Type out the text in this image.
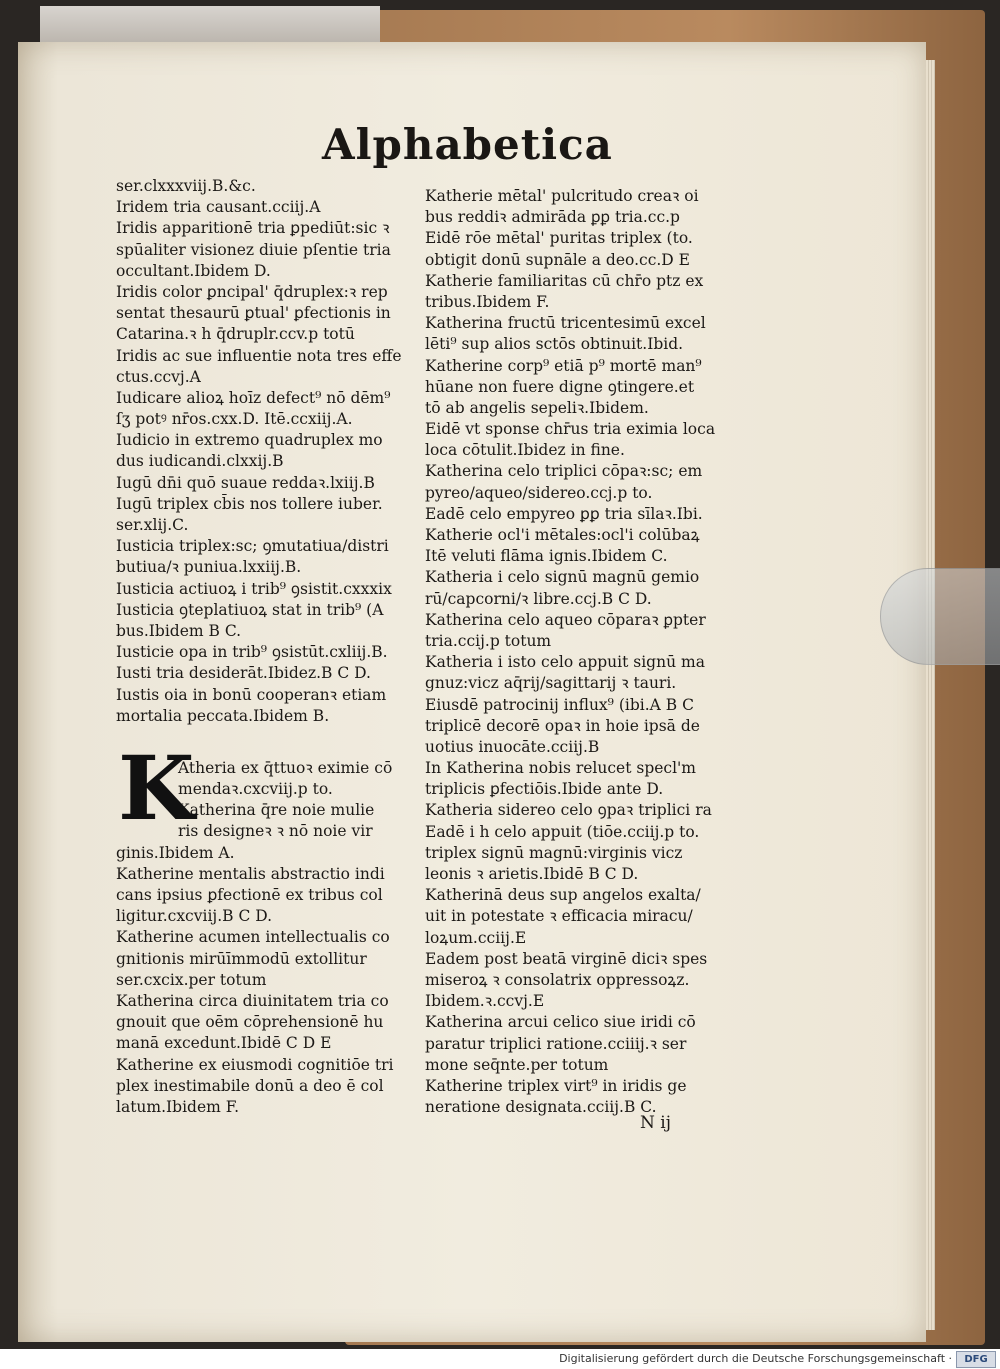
Alphabetica
ser.clxxxviij.B.&c.
Iridem tria causant.cciij.A
Iridis apparitionē tria ꝑpediūt:sic ꝛ
spūaliter visionez diuie pſentie tria
occultant.Ibidem D.
Iridis color ꝑncipal' q̄druplex:ꝛ rep
sentat thesaurū ꝑtual' ꝑfectionis in
Catarina.ꝛ h q̄druplr.ccv.p totū
Iridis ac sue influentie nota tres effe
ctus.ccvj.A
Iudicare alioꝝ hoīz defect⁹ nō dēm⁹
ſʒ potꝰ nr̄os.cxx.D. Itē.ccxiij.A.
Iudicio in extremo quadruplex mo
dus iudicandi.clxxij.B
Iugū dn̄i quō suaue reddaꝛ.lxiij.B
Iugū triplex cb̄is nos tollere iuber.
ser.xlij.C.
Iusticia triplex:sc; ꝯmutatiua/distri
butiua/ꝛ puniua.lxxiij.B.
Iusticia actiuoꝝ i trib⁹ ꝯsistit.cxxxix
Iusticia ꝯteplatiuoꝝ stat in trib⁹ (A
bus.Ibidem B C.
Iusticie opa in trib⁹ ꝯsistūt.cxliij.B.
Iusti tria desiderāt.Ibidez.B C D.
Iustis oia in bonū cooperanꝛ etiam
mortalia peccata.Ibidem B.
Atheria ex q̄ttuoꝛ eximie cō
mendaꝛ.cxcviij.p to.
Katherina q̄re noie mulie
ris designeꝛ ꝛ nō noie vir
ginis.Ibidem A.
Katherine mentalis abstractio indi
cans ipsius ꝑfectionē ex tribus col
ligitur.cxcviij.B C D.
Katherine acumen intellectualis co
gnitionis mirūīmmodū extollitur
ser.cxcix.per totum
Katherina circa diuinitatem tria co
gnouit que oēm cōprehensionē hu
manā excedunt.Ibidē C D E
Katherine ex eiusmodi cognitiōe tri
plex inestimabile donū a deo ē col
latum.Ibidem F.
K
Katherie mētal' pulcritudo creaꝛ oi
bus reddiꝛ admirāda ꝑꝑ tria.cc.p
Eidē rōe mētal' puritas triplex (to.
obtigit donū supnāle a deo.cc.D E
Katherie familiaritas cū chr̄o ptz ex
tribus.Ibidem F.
Katherina fructū tricentesimū excel
lēti⁹ sup alios sctōs obtinuit.Ibid.
Katherine corp⁹ etiā p⁹ mortē man⁹
hūane non fuere digne ꝯtingere.et
tō ab angelis sepeliꝛ.Ibidem.
Eidē vt sponse chr̄us tria eximia loca
loca cōtulit.Ibidez in fine.
Katherina celo triplici cōpaꝛ:sc; em
pyreo/aqueo/sidereo.ccj.p to.
Eadē celo empyreo ꝑꝑ tria sīlaꝛ.Ibi.
Katherie ocl'i mētales:ocl'i colūbaꝝ
Itē veluti flāma ignis.Ibidem C.
Katheria i celo signū magnū gemio
rū/capcorni/ꝛ libre.ccj.B C D.
Katherina celo aqueo cōparaꝛ ꝑpter
tria.ccij.p totum
Katheria i isto celo appuit signū ma
gnuz:vicz aq̄rij/sagittarij ꝛ tauri.
Eiusdē patrocinij influx⁹ (ibi.A B C
triplicē decorē opaꝛ in hoie ipsā de
uotius inuocāte.cciij.B
In Katherina nobis relucet specl'm
triplicis ꝑfectiōis.Ibide ante D.
Katheria sidereo celo ꝯpaꝛ triplici ra
Eadē i h celo appuit (tiōe.cciij.p to.
triplex signū magnū:virginis vicz
leonis ꝛ arietis.Ibidē B C D.
Katherinā deus sup angelos exalta/
uit in potestate ꝛ efficacia miracu/
loꝝum.cciij.E
Eadem post beatā virginē diciꝛ spes
miseroꝝ ꝛ consolatrix oppressoꝝz.
Ibidem.ꝛ.ccvj.E
Katherina arcui celico siue iridi cō
paratur triplici ratione.cciiij.ꝛ ser
mone seq̄nte.per totum
Katherine triplex virt⁹ in iridis ge
neratione designata.cciij.B C.
N ij
Digitalisierung gefördert durch die Deutsche Forschungsgemeinschaft ·	DFG
